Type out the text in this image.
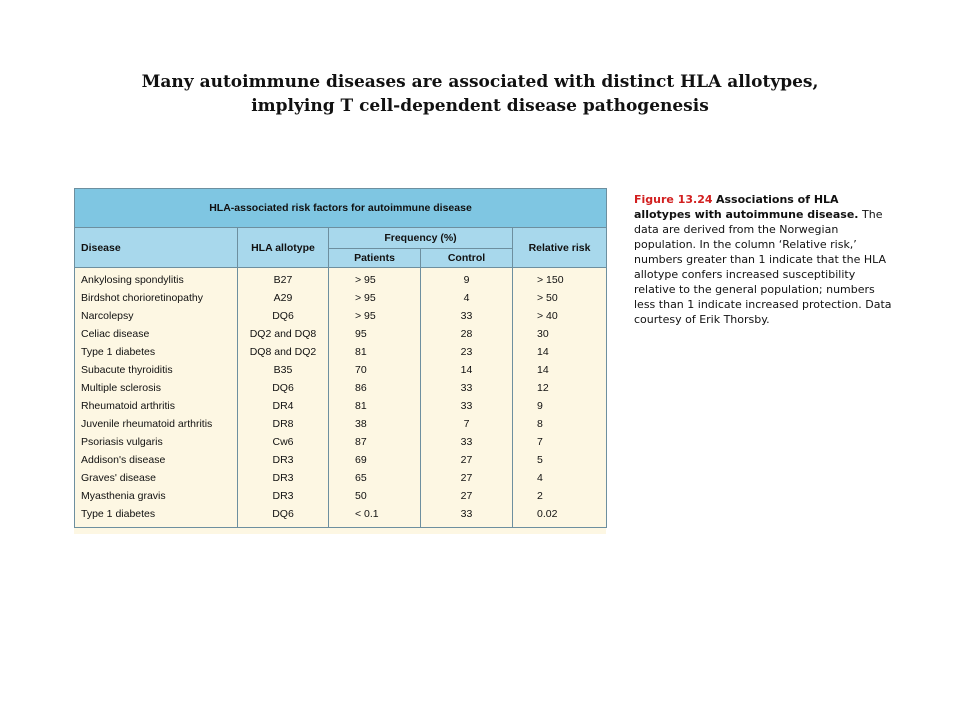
Many autoimmune diseases are associated with distinct HLA allotypes,
implying T cell-dependent disease pathogenesis
HLA-associated risk factors for autoimmune disease				
Disease	HLA allotype	Frequency (%)		Relative risk
		Patients	Control	
Ankylosing spondylitis	B27	> 95	9	> 150
Birdshot chorioretinopathy	A29	> 95	4	> 50
Narcolepsy	DQ6	> 95	33	> 40
Celiac disease	DQ2 and DQ8	95	28	30
Type 1 diabetes	DQ8 and DQ2	81	23	14
Subacute thyroiditis	B35	70	14	14
Multiple sclerosis	DQ6	86	33	12
Rheumatoid arthritis	DR4	81	33	9
Juvenile rheumatoid arthritis	DR8	38	7	8
Psoriasis vulgaris	Cw6	87	33	7
Addison's disease	DR3	69	27	5
Graves' disease	DR3	65	27	4
Myasthenia gravis	DR3	50	27	2
Type 1 diabetes	DQ6	< 0.1	33	0.02
Figure 13.24 Associations of HLA allotypes with autoimmune disease. The data are derived from the Norwegian population. In the column ‘Relative risk,’ numbers greater than 1 indicate that the HLA allotype confers increased susceptibility relative to the general population; numbers less than 1 indicate increased protection. Data courtesy of Erik Thorsby.
